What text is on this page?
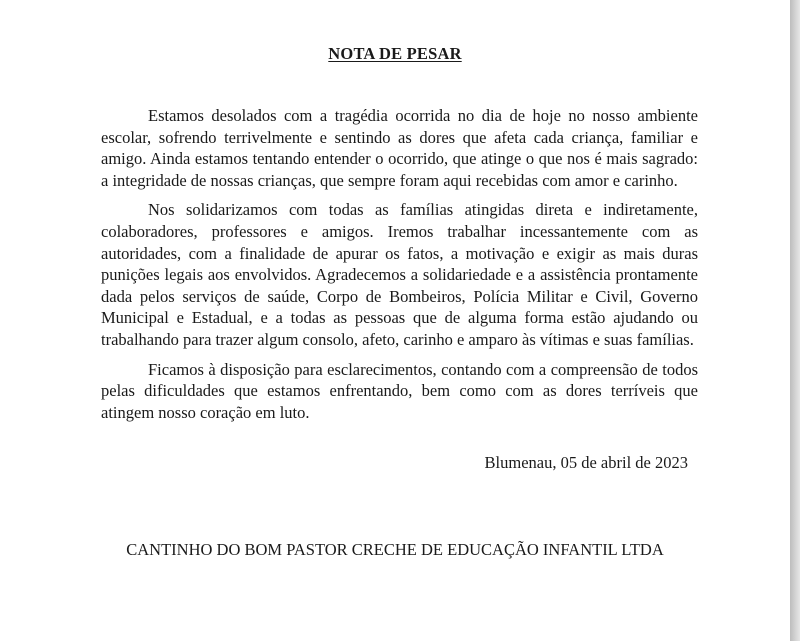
NOTA DE PESAR

Estamos desolados com a tragédia ocorrida no dia de hoje no nosso ambiente escolar, sofrendo terrivelmente e sentindo as dores que afeta cada criança, familiar e amigo. Ainda estamos tentando entender o ocorrido, que atinge o que nos é mais sagrado: a integridade de nossas crianças, que sempre foram aqui recebidas com amor e carinho.

Nos solidarizamos com todas as famílias atingidas direta e indiretamente, colaboradores, professores e amigos. Iremos trabalhar incessantemente com as autoridades, com a finalidade de apurar os fatos, a motivação e exigir as mais duras punições legais aos envolvidos. Agradecemos a solidariedade e a assistência prontamente dada pelos serviços de saúde, Corpo de Bombeiros, Polícia Militar e Civil, Governo Municipal e Estadual, e a todas as pessoas que de alguma forma estão ajudando ou trabalhando para trazer algum consolo, afeto, carinho e amparo às vítimas e suas famílias.

Ficamos à disposição para esclarecimentos, contando com a compreensão de todos pelas dificuldades que estamos enfrentando, bem como com as dores terríveis que atingem nosso coração em luto.

Blumenau, 05 de abril de 2023
CANTINHO DO BOM PASTOR CRECHE DE EDUCAÇÃO INFANTIL LTDA
